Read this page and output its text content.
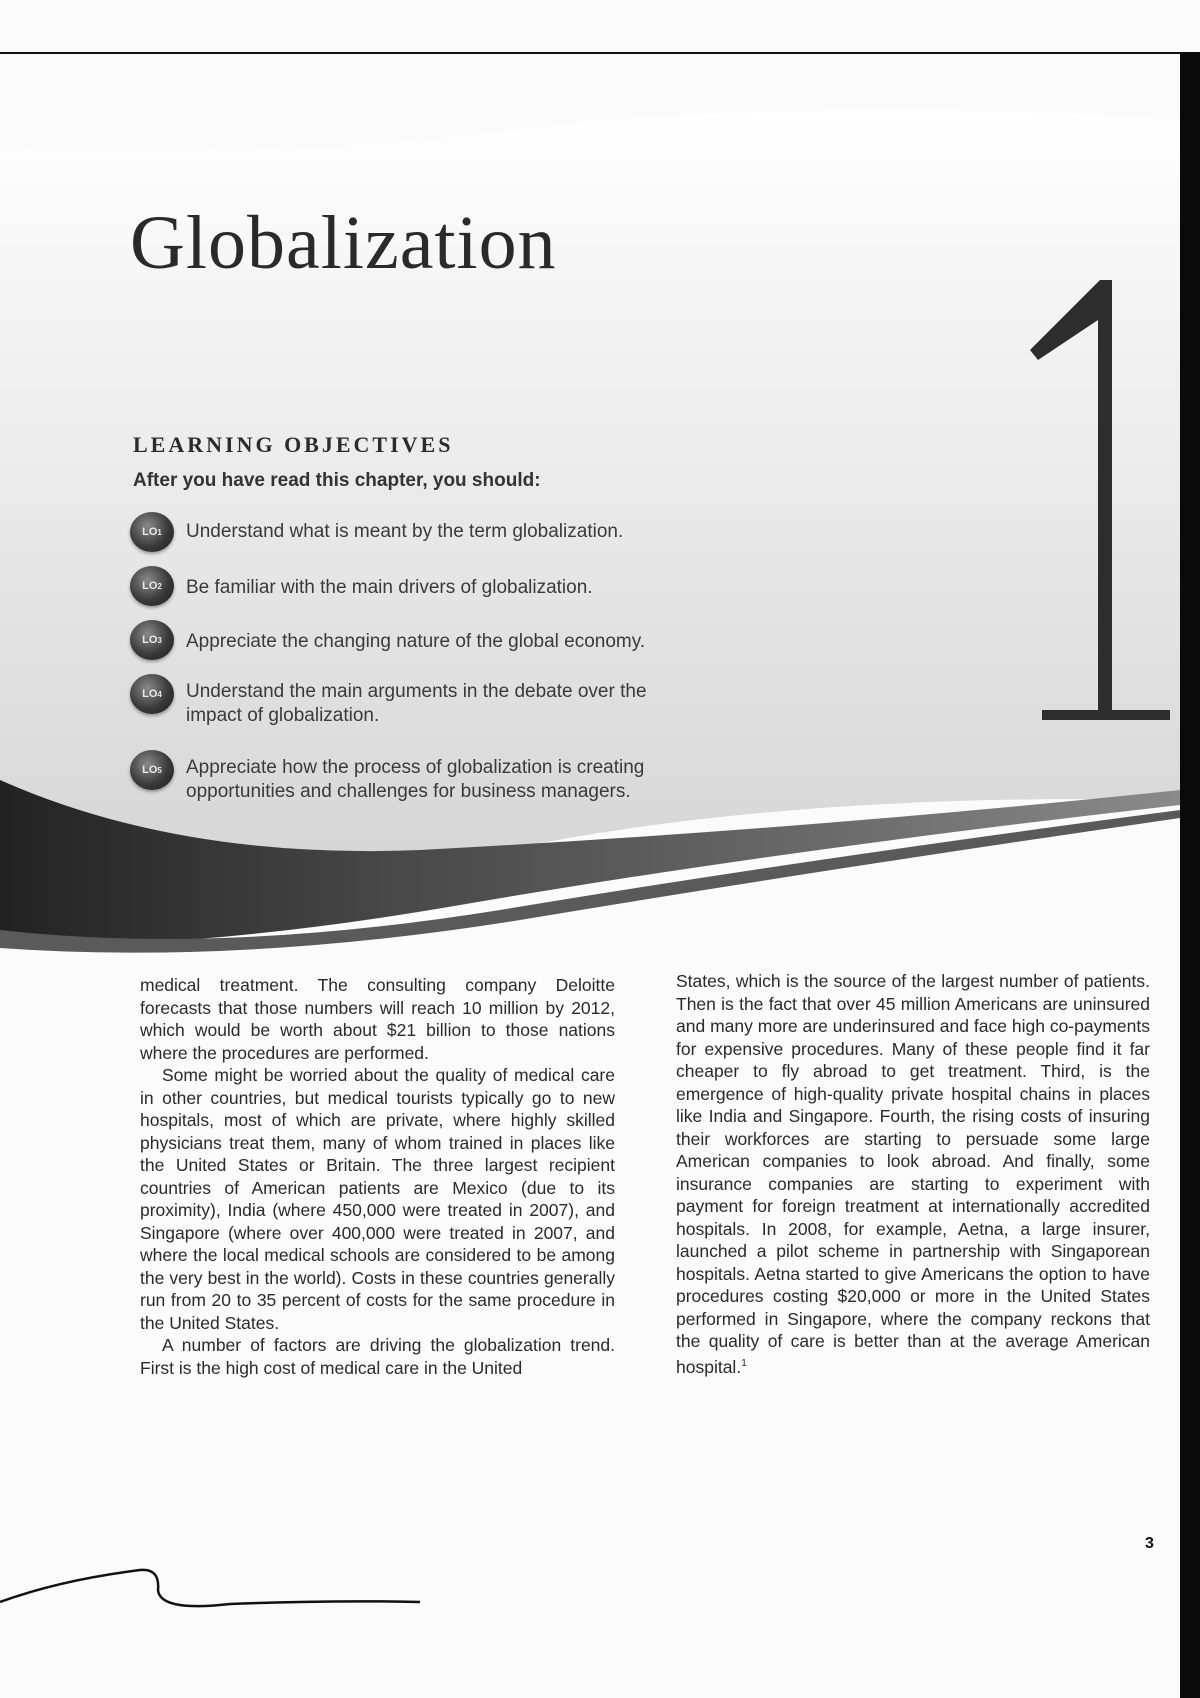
Globalization
LEARNING OBJECTIVES

After you have read this chapter, you should:

LO 1 Understand what is meant by the term globalization.
LO 2 Be familiar with the main drivers of globalization.
LO 3 Appreciate the changing nature of the global economy.
LO 4 Understand the main arguments in the debate over the impact of globalization.
LO 5 Appreciate how the process of globalization is creating opportunities and challenges for business managers.

medical treatment. The consulting company Deloitte forecasts that those numbers will reach 10 million by 2012, which would be worth about $21 billion to those nations where the procedures are performed.

Some might be worried about the quality of medical care in other countries, but medical tourists typically go to new hospitals, most of which are private, where highly skilled physicians treat them, many of whom trained in places like the United States or Britain. The three largest recipient countries of American patients are Mexico (due to its proximity), India (where 450,000 were treated in 2007), and Singapore (where over 400,000 were treated in 2007, and where the local medical schools are considered to be among the very best in the world). Costs in these countries generally run from 20 to 35 percent of costs for the same procedure in the United States.

A number of factors are driving the globalization trend. First is the high cost of medical care in the United

States, which is the source of the largest number of patients. Then is the fact that over 45 million Americans are uninsured and many more are underinsured and face high co-payments for expensive procedures. Many of these people find it far cheaper to fly abroad to get treatment. Third, is the emergence of high-quality private hospital chains in places like India and Singapore. Fourth, the rising costs of insuring their workforces are starting to persuade some large American companies to look abroad. And finally, some insurance companies are starting to experiment with payment for foreign treatment at internationally accredited hospitals. In 2008, for example, Aetna, a large insurer, launched a pilot scheme in partnership with Singaporean hospitals. Aetna started to give Americans the option to have procedures costing $20,000 or more in the United States performed in Singapore, where the company reckons that the quality of care is better than at the average American hospital.$^1$

3
